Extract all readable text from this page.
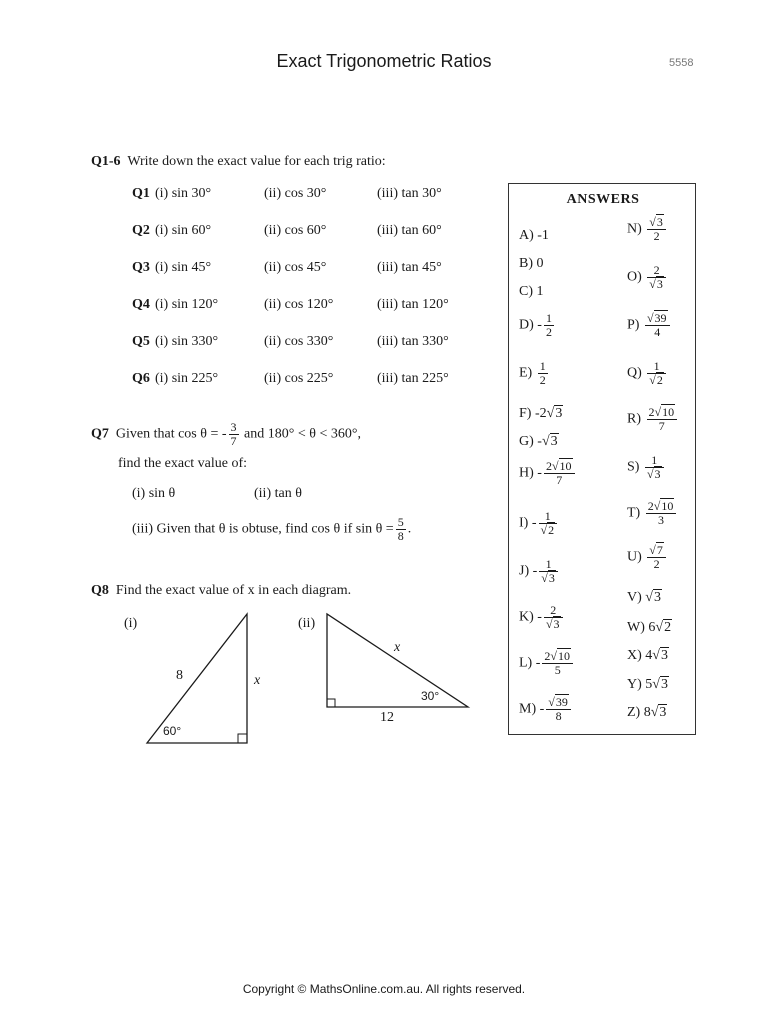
Exact Trigonometric Ratios	5558
Q1-6 Write down the exact value for each trig ratio:
Q1 (i) sin 30°	(ii) cos 30°	(iii) tan 30°
Q2 (i) sin 60°	(ii) cos 60°	(iii) tan 60°
Q3 (i) sin 45°	(ii) cos 45°	(iii) tan 45°
Q4 (i) sin 120°	(ii) cos 120°	(iii) tan 120°
Q5 (i) sin 330°	(ii) cos 330°	(iii) tan 330°
Q6 (i) sin 225°	(ii) cos 225°	(iii) tan 225°
Q7 Given that cos θ = - $\frac{3}{7}$ and 180° < θ < 360°,
find the exact value of:
(i) sin θ	(ii) tan θ
(iii) Given that θ is obtuse, find cos θ if $\sin \theta = \frac{5}{8}$ .
Q8 Find the exact value of x in each diagram.
(i)
8	x
60°
(ii)
x
12
30°
ANSWERS
A) -1
B) 0
C) 1
$D) - \frac{1}{2}$
$E) \frac{1}{2}$
F) -2√3
G) -√3
$H) - \frac{2√10}{7}$
$I) - \frac{1}{√2}$
$J) - \frac{1}{√3}$
$K) - \frac{2}{√3}$
$L) - \frac{2√10}{5}$
$M) - \frac{√39}{8}$
$N) \frac{√3}{2}$
$O) \frac{2}{√3}$
$P) \frac{√39}{4}$
$Q) \frac{1}{√2}$
$R) \frac{2√10}{7}$
$S) \frac{1}{√3}$
$T) \frac{2√10}{3}$
$U) \frac{√7}{2}$
V) √3
W) 6√2
X) 4√3
Y) 5√3
Z) 8√3
Copyright © MathsOnline.com.au. All rights reserved.
